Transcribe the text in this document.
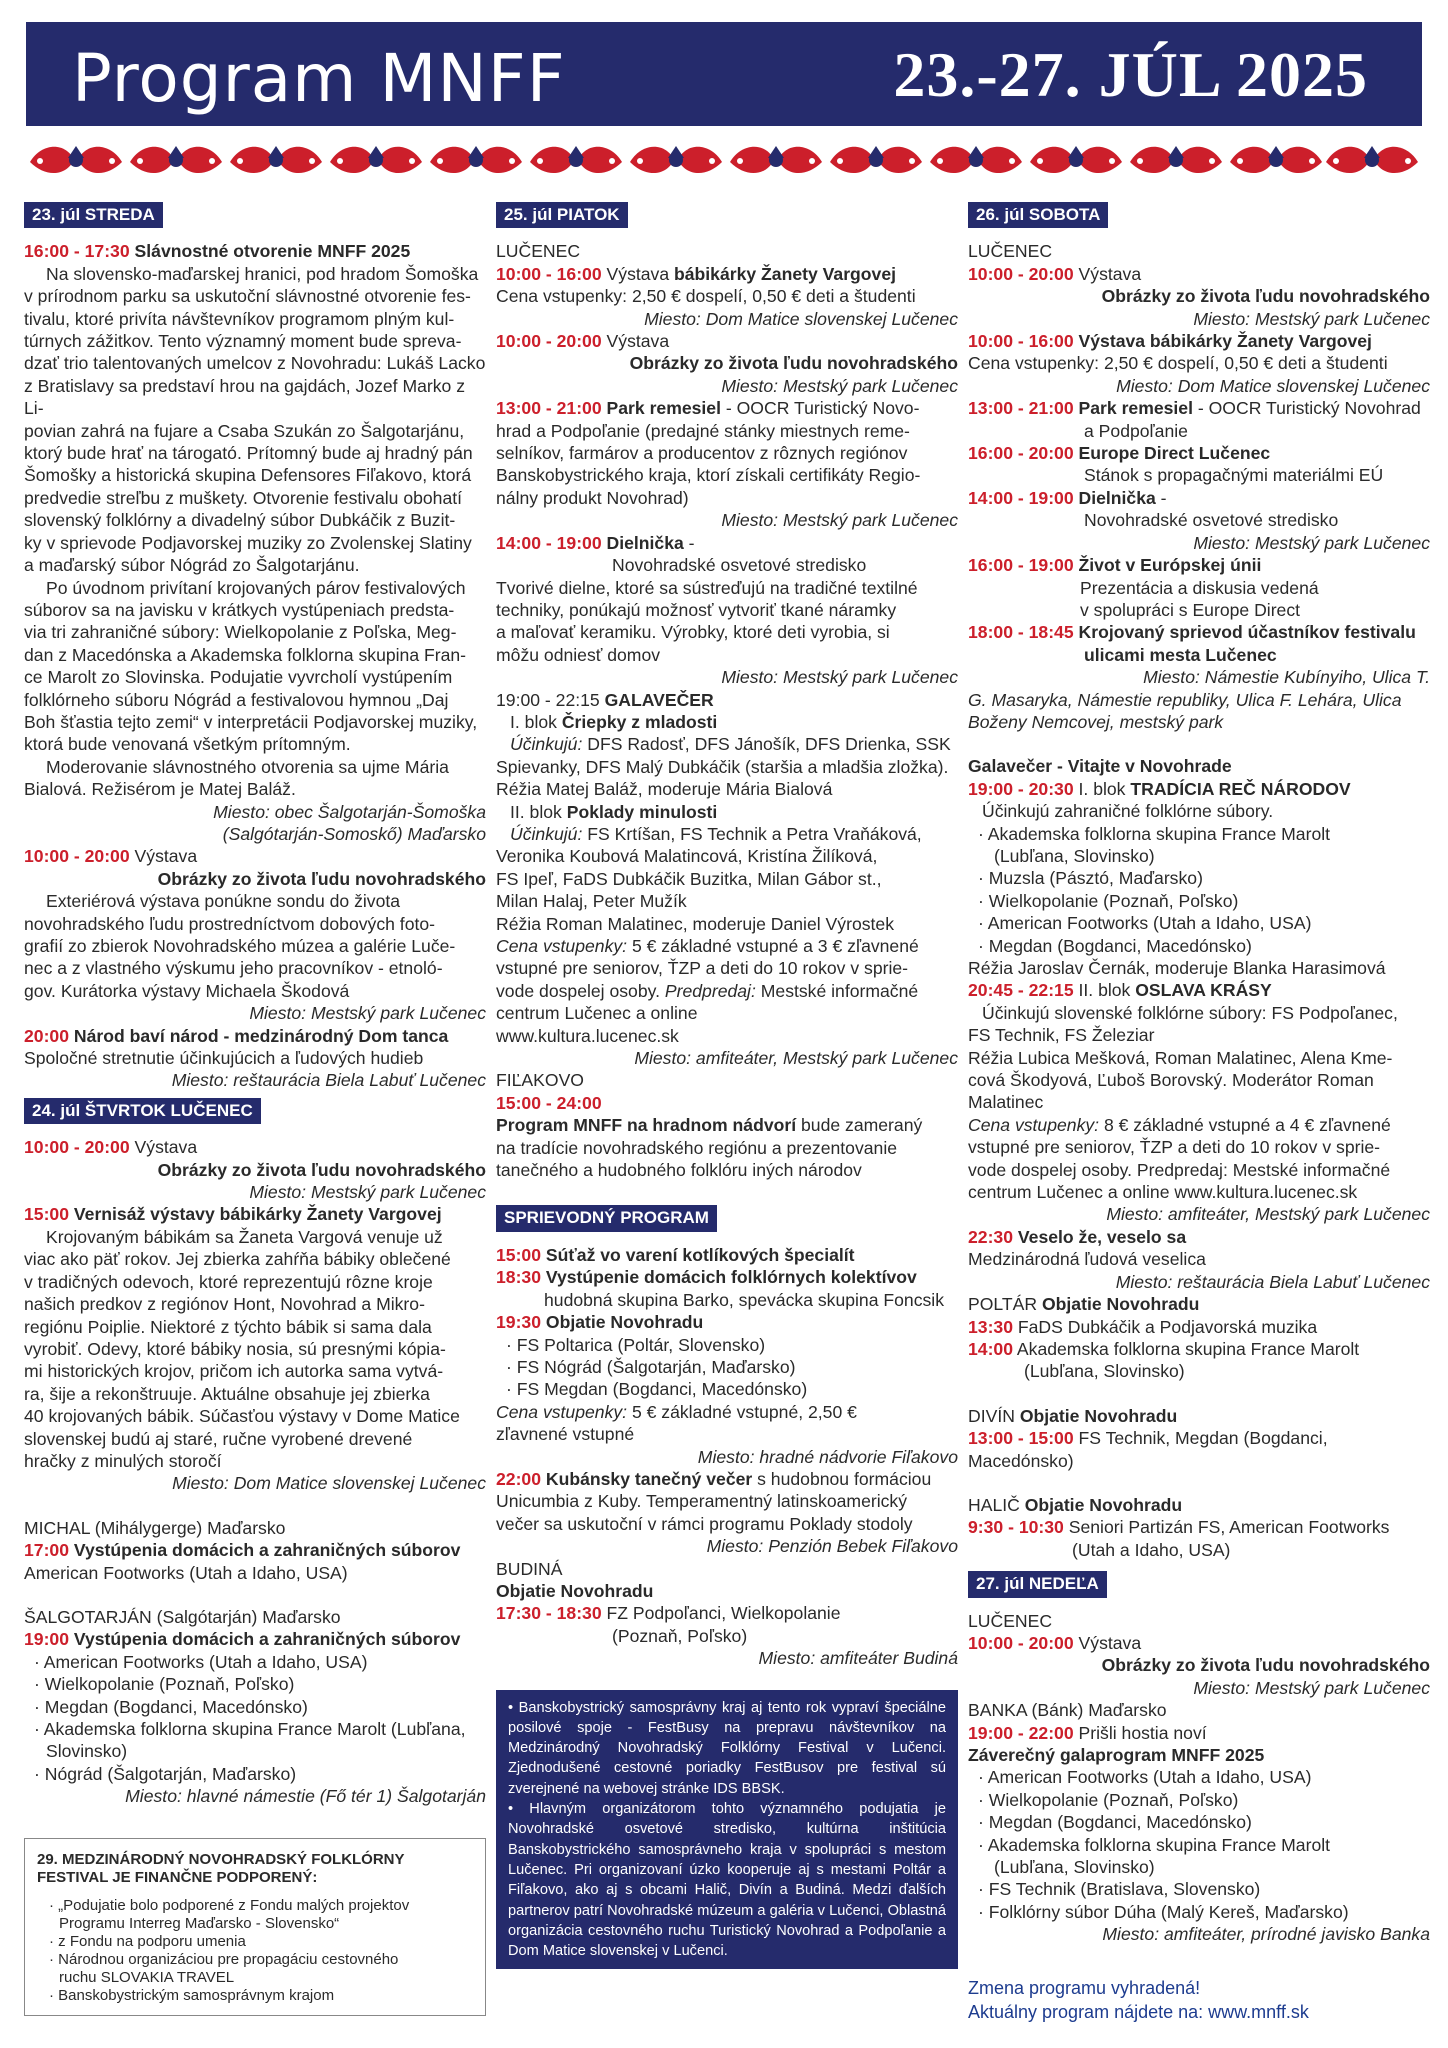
Program MNFF	23.-27. JÚL 2025
23. júl STREDA
16:00 - 17:30 Slávnostné otvorenie MNFF 2025
Na slovensko-maďarskej hranici, pod hradom Šomoška
v prírodnom parku sa uskutoční slávnostné otvorenie fes-
tivalu, ktoré privíta návštevníkov programom plným kul-
túrnych zážitkov. Tento významný moment bude spreva-
dzať trio talentovaných umelcov z Novohradu: Lukáš Lacko
z Bratislavy sa predstaví hrou na gajdách, Jozef Marko z Li-
povian zahrá na fujare a Csaba Szukán zo Šalgotarjánu,
ktorý bude hrať na tárogató. Prítomný bude aj hradný pán
Šomošky a historická skupina Defensores Fiľakovo, ktorá
predvedie streľbu z muškety. Otvorenie festivalu obohatí
slovenský folklórny a divadelný súbor Dubkáčik z Buzit-
ky v sprievode Podjavorskej muziky zo Zvolenskej Slatiny
a maďarský súbor Nógrád zo Šalgotarjánu.
Po úvodnom privítaní krojovaných párov festivalových
súborov sa na javisku v krátkych vystúpeniach predsta-
via tri zahraničné súbory: Wielkopolanie z Poľska, Meg-
dan z Macedónska a Akademska folklorna skupina Fran-
ce Marolt zo Slovinska. Podujatie vyvrcholí vystúpením
folklórneho súboru Nógrád a festivalovou hymnou „Daj
Boh šťastia tejto zemi“ v interpretácii Podjavorskej muziky,
ktorá bude venovaná všetkým prítomným.
Moderovanie slávnostného otvorenia sa ujme Mária
Bialová. Režisérom je Matej Baláž.
Miesto: obec Šalgotarján-Šomoška
(Salgótarján-Somoskő) Maďarsko
10:00 - 20:00 Výstava
Obrázky zo života ľudu novohradského
Exteriérová výstava ponúkne sondu do života
novohradského ľudu prostredníctvom dobových foto-
grafií zo zbierok Novohradského múzea a galérie Luče-
nec a z vlastného výskumu jeho pracovníkov - etnoló-
gov. Kurátorka výstavy Michaela Škodová
Miesto: Mestský park Lučenec
20:00 Národ baví národ - medzinárodný Dom tanca
Spoločné stretnutie účinkujúcich a ľudových hudieb
Miesto: reštaurácia Biela Labuť Lučenec
24. júl ŠTVRTOK LUČENEC
10:00 - 20:00 Výstava
Obrázky zo života ľudu novohradského
Miesto: Mestský park Lučenec
15:00 Vernisáž výstavy bábikárky Žanety Vargovej
Krojovaným bábikám sa Žaneta Vargová venuje už
viac ako päť rokov. Jej zbierka zahŕňa bábiky oblečené
v tradičných odevoch, ktoré reprezentujú rôzne kroje
našich predkov z regiónov Hont, Novohrad a Mikro-
regiónu Poiplie. Niektoré z týchto bábik si sama dala
vyrobiť. Odevy, ktoré bábiky nosia, sú presnými kópia-
mi historických krojov, pričom ich autorka sama vytvá-
ra, šije a rekonštruuje. Aktuálne obsahuje jej zbierka
40 krojovaných bábik. Súčasťou výstavy v Dome Matice
slovenskej budú aj staré, ručne vyrobené drevené
hračky z minulých storočí
Miesto: Dom Matice slovenskej Lučenec
MICHAL (Mihálygerge) Maďarsko
17:00 Vystúpenia domácich a zahraničných súborov
American Footworks (Utah a Idaho, USA)
ŠALGOTARJÁN (Salgótarján) Maďarsko
19:00 Vystúpenia domácich a zahraničných súborov
· American Footworks (Utah a Idaho, USA)
· Wielkopolanie (Poznaň, Poľsko)
· Megdan (Bogdanci, Macedónsko)
· Akademska folklorna skupina France Marolt (Lubľana,
Slovinsko)
· Nógrád (Šalgotarján, Maďarsko)
Miesto: hlavné námestie (Fő tér 1) Šalgotarján
29. MEDZINÁRODNÝ NOVOHRADSKÝ FOLKLÓRNY
FESTIVAL JE FINANČNE PODPORENÝ:
· „Podujatie bolo podporené z Fondu malých projektov
Programu Interreg Maďarsko - Slovensko“
· z Fondu na podporu umenia
· Národnou organizáciou pre propagáciu cestovného
ruchu SLOVAKIA TRAVEL
· Banskobystrickým samosprávnym krajom
25. júl PIATOK
LUČENEC
10:00 - 16:00 Výstava bábikárky Žanety Vargovej
Cena vstupenky: 2,50 € dospelí, 0,50 € deti a študenti
Miesto: Dom Matice slovenskej Lučenec
10:00 - 20:00 Výstava
Obrázky zo života ľudu novohradského
Miesto: Mestský park Lučenec
13:00 - 21:00 Park remesiel - OOCR Turistický Novo-
hrad a Podpoľanie (predajné stánky miestnych reme-
selníkov, farmárov a producentov z rôznych regiónov
Banskobystrického kraja, ktorí získali certifikáty Regio-
nálny produkt Novohrad)
Miesto: Mestský park Lučenec
14:00 - 19:00 Dielnička -
Novohradské osvetové stredisko
Tvorivé dielne, ktoré sa sústreďujú na tradičné textilné
techniky, ponúkajú možnosť vytvoriť tkané náramky
a maľovať keramiku. Výrobky, ktoré deti vyrobia, si
môžu odniesť domov
Miesto: Mestský park Lučenec
19:00 - 22:15 GALAVEČER
I. blok Čriepky z mladosti
Účinkujú: DFS Radosť, DFS Jánošík, DFS Drienka, SSK
Spievanky, DFS Malý Dubkáčik (staršia a mladšia zložka).
Réžia Matej Baláž, moderuje Mária Bialová
II. blok Poklady minulosti
Účinkujú: FS Krtíšan, FS Technik a Petra Vraňáková,
Veronika Koubová Malatincová, Kristína Žilíková,
FS Ipeľ, FaDS Dubkáčik Buzitka, Milan Gábor st.,
Milan Halaj, Peter Mužík
Réžia Roman Malatinec, moderuje Daniel Výrostek
Cena vstupenky: 5 € základné vstupné a 3 € zľavnené
vstupné pre seniorov, ŤZP a deti do 10 rokov v sprie-
vode dospelej osoby. Predpredaj: Mestské informačné
centrum Lučenec a online
www.kultura.lucenec.sk
Miesto: amfiteáter, Mestský park Lučenec
FIĽAKOVO
15:00 - 24:00
Program MNFF na hradnom nádvorí bude zameraný
na tradície novohradského regiónu a prezentovanie
tanečného a hudobného folklóru iných národov
SPRIEVODNÝ PROGRAM
15:00 Súťaž vo varení kotlíkových špecialít
18:30 Vystúpenie domácich folklórnych kolektívov
hudobná skupina Barko, spevácka skupina Foncsik
19:30 Objatie Novohradu
· FS Poltarica (Poltár, Slovensko)
· FS Nógrád (Šalgotarján, Maďarsko)
· FS Megdan (Bogdanci, Macedónsko)
Cena vstupenky: 5 € základné vstupné, 2,50 €
zľavnené vstupné
Miesto: hradné nádvorie Fiľakovo
22:00 Kubánsky tanečný večer s hudobnou formáciou
Unicumbia z Kuby. Temperamentný latinskoamerický
večer sa uskutoční v rámci programu Poklady stodoly
Miesto: Penzión Bebek Fiľakovo
BUDINÁ
Objatie Novohradu
17:30 - 18:30 FZ Podpoľanci, Wielkopolanie
(Poznaň, Poľsko)
Miesto: amfiteáter Budiná
• Banskobystrický samosprávny kraj aj tento rok vypraví špeciálne posilové spoje - FestBusy na prepravu návštevníkov na Medzinárodný Novohradský Folklórny Festival v Lučenci. Zjednodušené cestovné poriadky FestBusov pre festival sú zverejnené na webovej stránke IDS BBSK.
• Hlavným organizátorom tohto významného podujatia je Novohradské osvetové stredisko, kultúrna inštitúcia Banskobystrického samosprávneho kraja v spolupráci s mestom Lučenec. Pri organizovaní úzko kooperuje aj s mestami Poltár a Fiľakovo, ako aj s obcami Halič, Divín a Budiná. Medzi ďalších partnerov patrí Novohradské múzeum a galéria v Lučenci, Oblastná organizácia cestovného ruchu Turistický Novohrad a Podpoľanie a Dom Matice slovenskej v Lučenci.
26. júl SOBOTA
LUČENEC
10:00 - 20:00 Výstava
Obrázky zo života ľudu novohradského
Miesto: Mestský park Lučenec
10:00 - 16:00 Výstava bábikárky Žanety Vargovej
Cena vstupenky: 2,50 € dospelí, 0,50 € deti a študenti
Miesto: Dom Matice slovenskej Lučenec
13:00 - 21:00 Park remesiel - OOCR Turistický Novohrad
a Podpoľanie
16:00 - 20:00 Europe Direct Lučenec
Stánok s propagačnými materiálmi EÚ
14:00 - 19:00 Dielnička -
Novohradské osvetové stredisko
Miesto: Mestský park Lučenec
16:00 - 19:00 Život v Európskej únii
Prezentácia a diskusia vedená
v spolupráci s Europe Direct
18:00 - 18:45 Krojovaný sprievod účastníkov festivalu
ulicami mesta Lučenec
Miesto: Námestie Kubínyiho, Ulica T.
G. Masaryka, Námestie republiky, Ulica F. Lehára, Ulica
Boženy Nemcovej, mestský park
Galavečer - Vitajte v Novohrade
19:00 - 20:30 I. blok TRADÍCIA REČ NÁRODOV
Účinkujú zahraničné folklórne súbory.
· Akademska folklorna skupina France Marolt
(Lubľana, Slovinsko)
· Muzsla (Pásztó, Maďarsko)
· Wielkopolanie (Poznaň, Poľsko)
· American Footworks (Utah a Idaho, USA)
· Megdan (Bogdanci, Macedónsko)
Réžia Jaroslav Černák, moderuje Blanka Harasimová
20:45 - 22:15 II. blok OSLAVA KRÁSY
Účinkujú slovenské folklórne súbory: FS Podpoľanec,
FS Technik, FS Železiar
Réžia Lubica Mešková, Roman Malatinec, Alena Kme-
cová Škodyová, Ľuboš Borovský. Moderátor Roman
Malatinec
Cena vstupenky: 8 € základné vstupné a 4 € zľavnené
vstupné pre seniorov, ŤZP a deti do 10 rokov v sprie-
vode dospelej osoby. Predpredaj: Mestské informačné
centrum Lučenec a online www.kultura.lucenec.sk
Miesto: amfiteáter, Mestský park Lučenec
22:30 Veselo že, veselo sa
Medzinárodná ľudová veselica
Miesto: reštaurácia Biela Labuť Lučenec
POLTÁR Objatie Novohradu
13:30 FaDS Dubkáčik a Podjavorská muzika
14:00 Akademska folklorna skupina France Marolt
(Lubľana, Slovinsko)
DIVÍN Objatie Novohradu
13:00 - 15:00 FS Technik, Megdan (Bogdanci, Macedónsko)
HALIČ Objatie Novohradu
9:30 - 10:30 Seniori Partizán FS, American Footworks
(Utah a Idaho, USA)
27. júl NEDEĽA
LUČENEC
10:00 - 20:00 Výstava
Obrázky zo života ľudu novohradského
Miesto: Mestský park Lučenec
BANKA (Bánk) Maďarsko
19:00 - 22:00 Prišli hostia noví
Záverečný galaprogram MNFF 2025
· American Footworks (Utah a Idaho, USA)
· Wielkopolanie (Poznaň, Poľsko)
· Megdan (Bogdanci, Macedónsko)
· Akademska folklorna skupina France Marolt
(Lubľana, Slovinsko)
· FS Technik (Bratislava, Slovensko)
· Folklórny súbor Dúha (Malý Kereš, Maďarsko)
Miesto: amfiteáter, prírodné javisko Banka
Zmena programu vyhradená!
Aktuálny program nájdete na: www.mnff.sk
